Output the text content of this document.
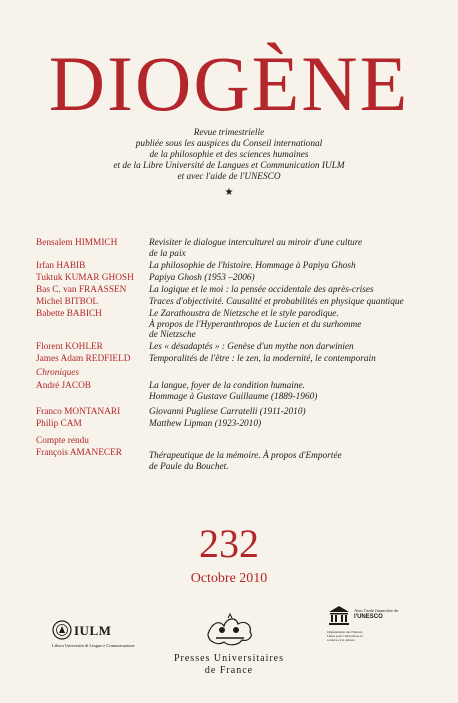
DIOGÈNE
Revue trimestrielle
publiée sous les auspices du Conseil international
de la philosophie et des sciences humaines
et de la Libre Université de Langues et Communication IULM
et avec l'aide de l'UNESCO
★
Bensalem HIMMICH	Revisiter le dialogue interculturel au miroir d'une culture
de la paix
Irfan HABIB	La philosophie de l'histoire. Hommage à Papiya Ghosh
Tuktuk KUMAR GHOSH	Papiya Ghosh (1953 –2006)
Bas C. van FRAASSEN	La logique et le moi : la pensée occidentale des après-crises
Michel BITBOL	Traces d'objectivité. Causalité et probabilités en physique quantique
Babette BABICH	Le Zarathoustra de Nietzsche et le style parodique.
À propos de l'Hyperanthropos de Lucien et du surhomme
de Nietzsche
Florent KOHLER	Les « désadaptés » : Genèse d'un mythe non darwinien
James Adam REDFIELD	Temporalités de l'être : le zen, la modernité, le contemporain
Chroniques
André JACOB	La langue, foyer de la condition humaine.
Hommage à Gustave Guillaume (1889-1960)
Franco MONTANARI	Giovanni Pugliese Carratelli (1911-2010)
Philip CAM	Matthew Lipman (1923-2010)
Compte rendu
François AMANECER	Thérapeutique de la mémoire. À propos d'Emportée
de Paule du Bouchet.
232
Octobre 2010
IULM
Libera Università di Lingue e Comunicazione
Presses Universitaires
de France
Avec l'aide financière de
l'UNESCO
Organisation des Nations Unies pour l'éducation, la science et la culture
